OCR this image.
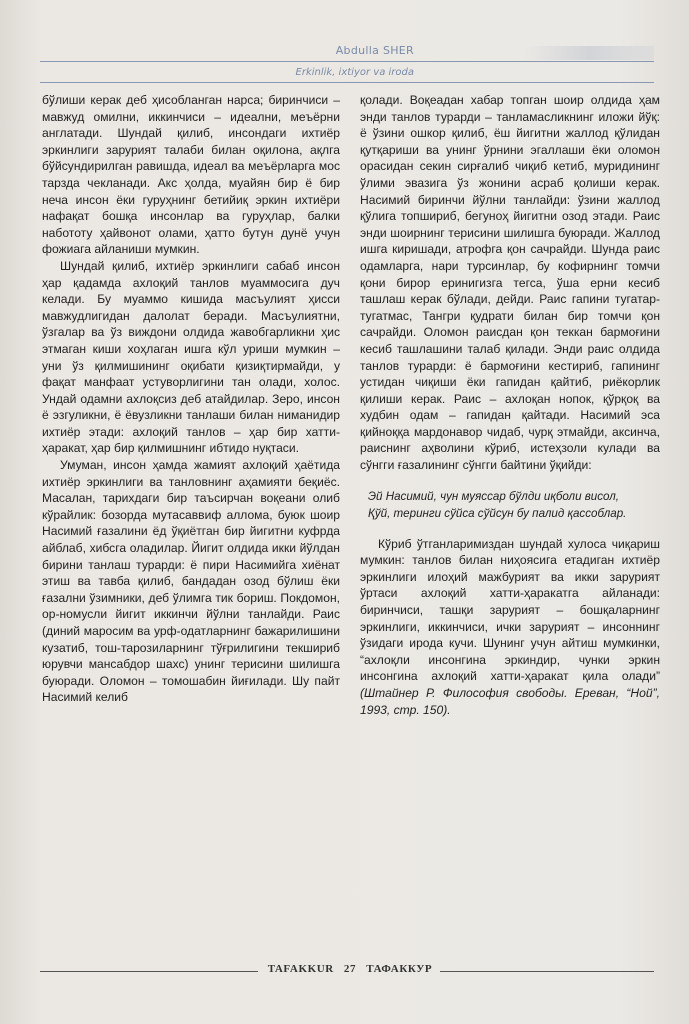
Abdulla SHER
Erkinlik, ixtiyor va iroda

бўлиши керак деб ҳисобланган нарса; биринчиси – мавжуд омилни, иккинчиси – идеални, меъёрни англатади. Шундай қилиб, инсондаги ихтиёр эркинлиги зарурият талаби билан оқилона, ақлга бўйсундирилган равишда, идеал ва меъёрларга мос тарзда чекланади. Акс ҳолда, муайян бир ё бир неча инсон ёки гуруҳнинг бетийиқ эркин ихтиёри нафақат бошқа инсонлар ва гуруҳлар, балки набототу ҳайвонот олами, ҳатто бутун дунё учун фожиага айланиши мумкин.

Шундай қилиб, ихтиёр эркинлиги сабаб инсон ҳар қадамда ахлоқий танлов муаммосига дуч келади. Бу муаммо кишида масъулият ҳисси мавжудлигидан далолат беради. Масъулиятни, ўзгалар ва ўз виждони олдида жавобгарликни ҳис этмаган киши хоҳлаган ишга кўл уриши мумкин – уни ўз қилмишининг оқибати қизиқтирмайди, у фақат манфаат устуворлигини тан олади, холос. Ундай одамни ахлоқсиз деб атайдилар. Зеро, инсон ё эзгуликни, ё ёвузликни танлаши билан ниманидир ихтиёр этади: ахлоқий танлов – ҳар бир хатти-ҳаракат, ҳар бир қилмишнинг ибтидо нуқтаси.

Умуман, инсон ҳамда жамият ахлоқий ҳаётида ихтиёр эркинлиги ва танловнинг аҳамияти беқиёс. Масалан, тарихдаги бир таъсирчан воқеани олиб кўрайлик: бозорда мутасаввиф аллома, буюк шоир Насимий ғазалини ёд ўқиётган бир йигитни куфрда айблаб, хибсга оладилар. Йигит олдида икки йўлдан бирини танлаш турарди: ё пири Насимийга хиёнат этиш ва тавба қилиб, бандадан озод бўлиш ёки ғазални ўзимники, деб ўлимга тик бориш. Покдомон, ор-номусли йигит иккинчи йўлни танлайди. Раис (диний маросим ва урф-одатларнинг бажарилишини кузатиб, тош-тарозиларнинг тўғрилигини текшириб юрувчи мансабдор шахс) унинг терисини шилишга буюради. Оломон – томошабин йиғилади. Шу пайт Насимий келиб

қолади. Воқеадан хабар топган шоир олдида ҳам энди танлов турарди – танламасликнинг иложи йўқ: ё ўзини ошкор қилиб, ёш йигитни жаллод қўлидан қутқариши ва унинг ўрнини эгаллаши ёки оломон орасидан секин сирғалиб чиқиб кетиб, муридининг ўлими эвазига ўз жонини асраб қолиши керак. Насимий биринчи йўлни танлайди: ўзини жаллод қўлига топшириб, бегуноҳ йигитни озод этади. Раис энди шоирнинг терисини шилишга буюради. Жаллод ишга киришади, атрофга қон сачрайди. Шунда раис одамларга, нари турсинлар, бу кофирнинг томчи қони бирор еринигизга тегса, ўша ерни кесиб ташлаш керак бўлади, дейди. Раис гапини тугатар-тугатмас, Тангри қудрати билан бир томчи қон сачрайди. Оломон раисдан қон теккан бармоғини кесиб ташлашини талаб қилади. Энди раис олдида танлов турарди: ё бармоғини кестириб, гапининг устидан чиқиши ёки гапидан қайтиб, риёкорлик қилиши керак. Раис – ахлоқан нопок, қўрқоқ ва худбин одам – гапидан қайтади. Насимий эса қийноққа мардонавор чидаб, чурқ этмайди, аксинча, раиснинг аҳволини кўриб, истеҳзоли кулади ва сўнгги ғазалининг сўнгги байтини ўқийди:

Эй Насимий, чун муяссар бўлди иқболи висол,
Қўй, теринги сўйса сўйсун бу палид қассоблар.

Кўриб ўтганларимиздан шундай хулоса чиқариш мумкин: танлов билан ниҳоясига етадиган ихтиёр эркинлиги илоҳий мажбурият ва икки зарурият ўртаси ахлоқий хатти-ҳаракатга айланади: биринчиси, ташқи зарурият – бошқаларнинг эркинлиги, иккинчиси, ички зарурият – инсоннинг ўзидаги ирода кучи. Шунинг учун айтиш мумкинки, “ахлоқли инсонгина эркиндир, чунки эркин инсонгина ахлоқий хатти-ҳаракат қила олади” (Штайнер Р. Философия свободы. Ереван, “Ной”, 1993, стр. 150).

TAFAKKUR 27 ТАФАККУР
